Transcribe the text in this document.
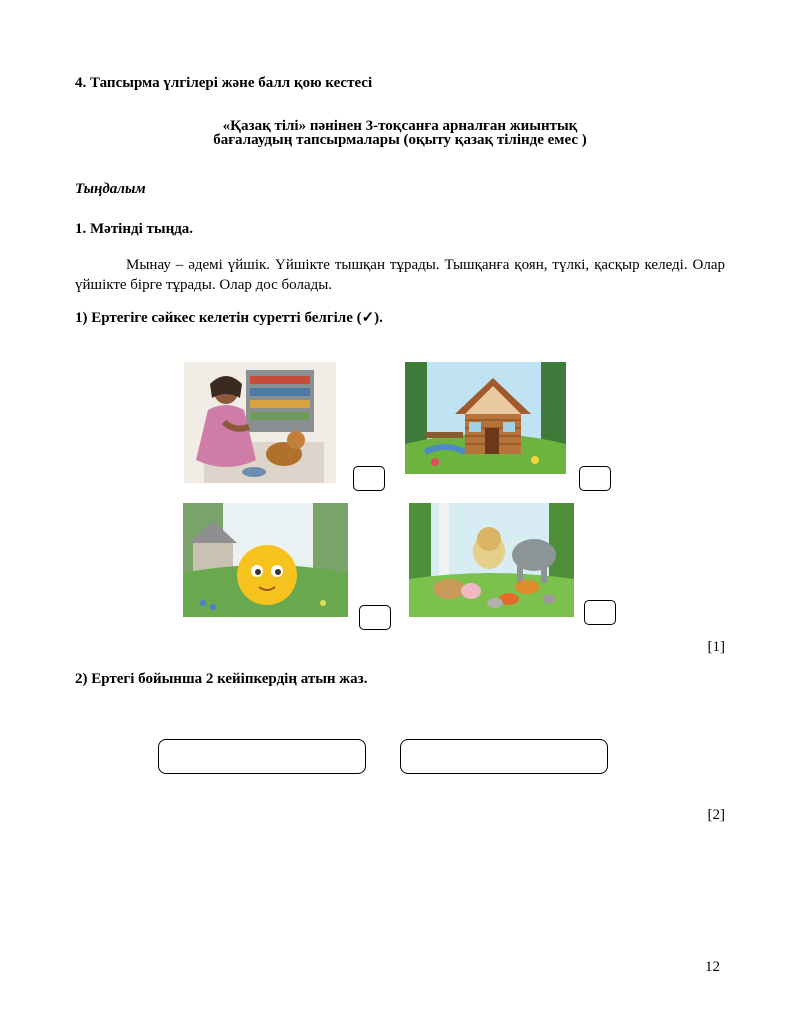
4. Тапсырма үлгілері және балл қою кестесі
«Қазақ тілі» пәнінен 3-тоқсанға арналған жиынтық
бағалаудың тапсырмалары (оқыту қазақ тілінде емес )
Тыңдалым
1. Мәтінді тыңда.
Мынау – әдемі үйшік. Үйшікте тышқан тұрады. Тышқанға қоян, түлкі, қасқыр келеді. Олар үйшікте бірге тұрады. Олар дос болады.
1) Ертегіге сәйкес келетін суретті белгіле (✓).
[1]
2) Ертегі бойынша 2 кейіпкердің атын жаз.
[2]
12
